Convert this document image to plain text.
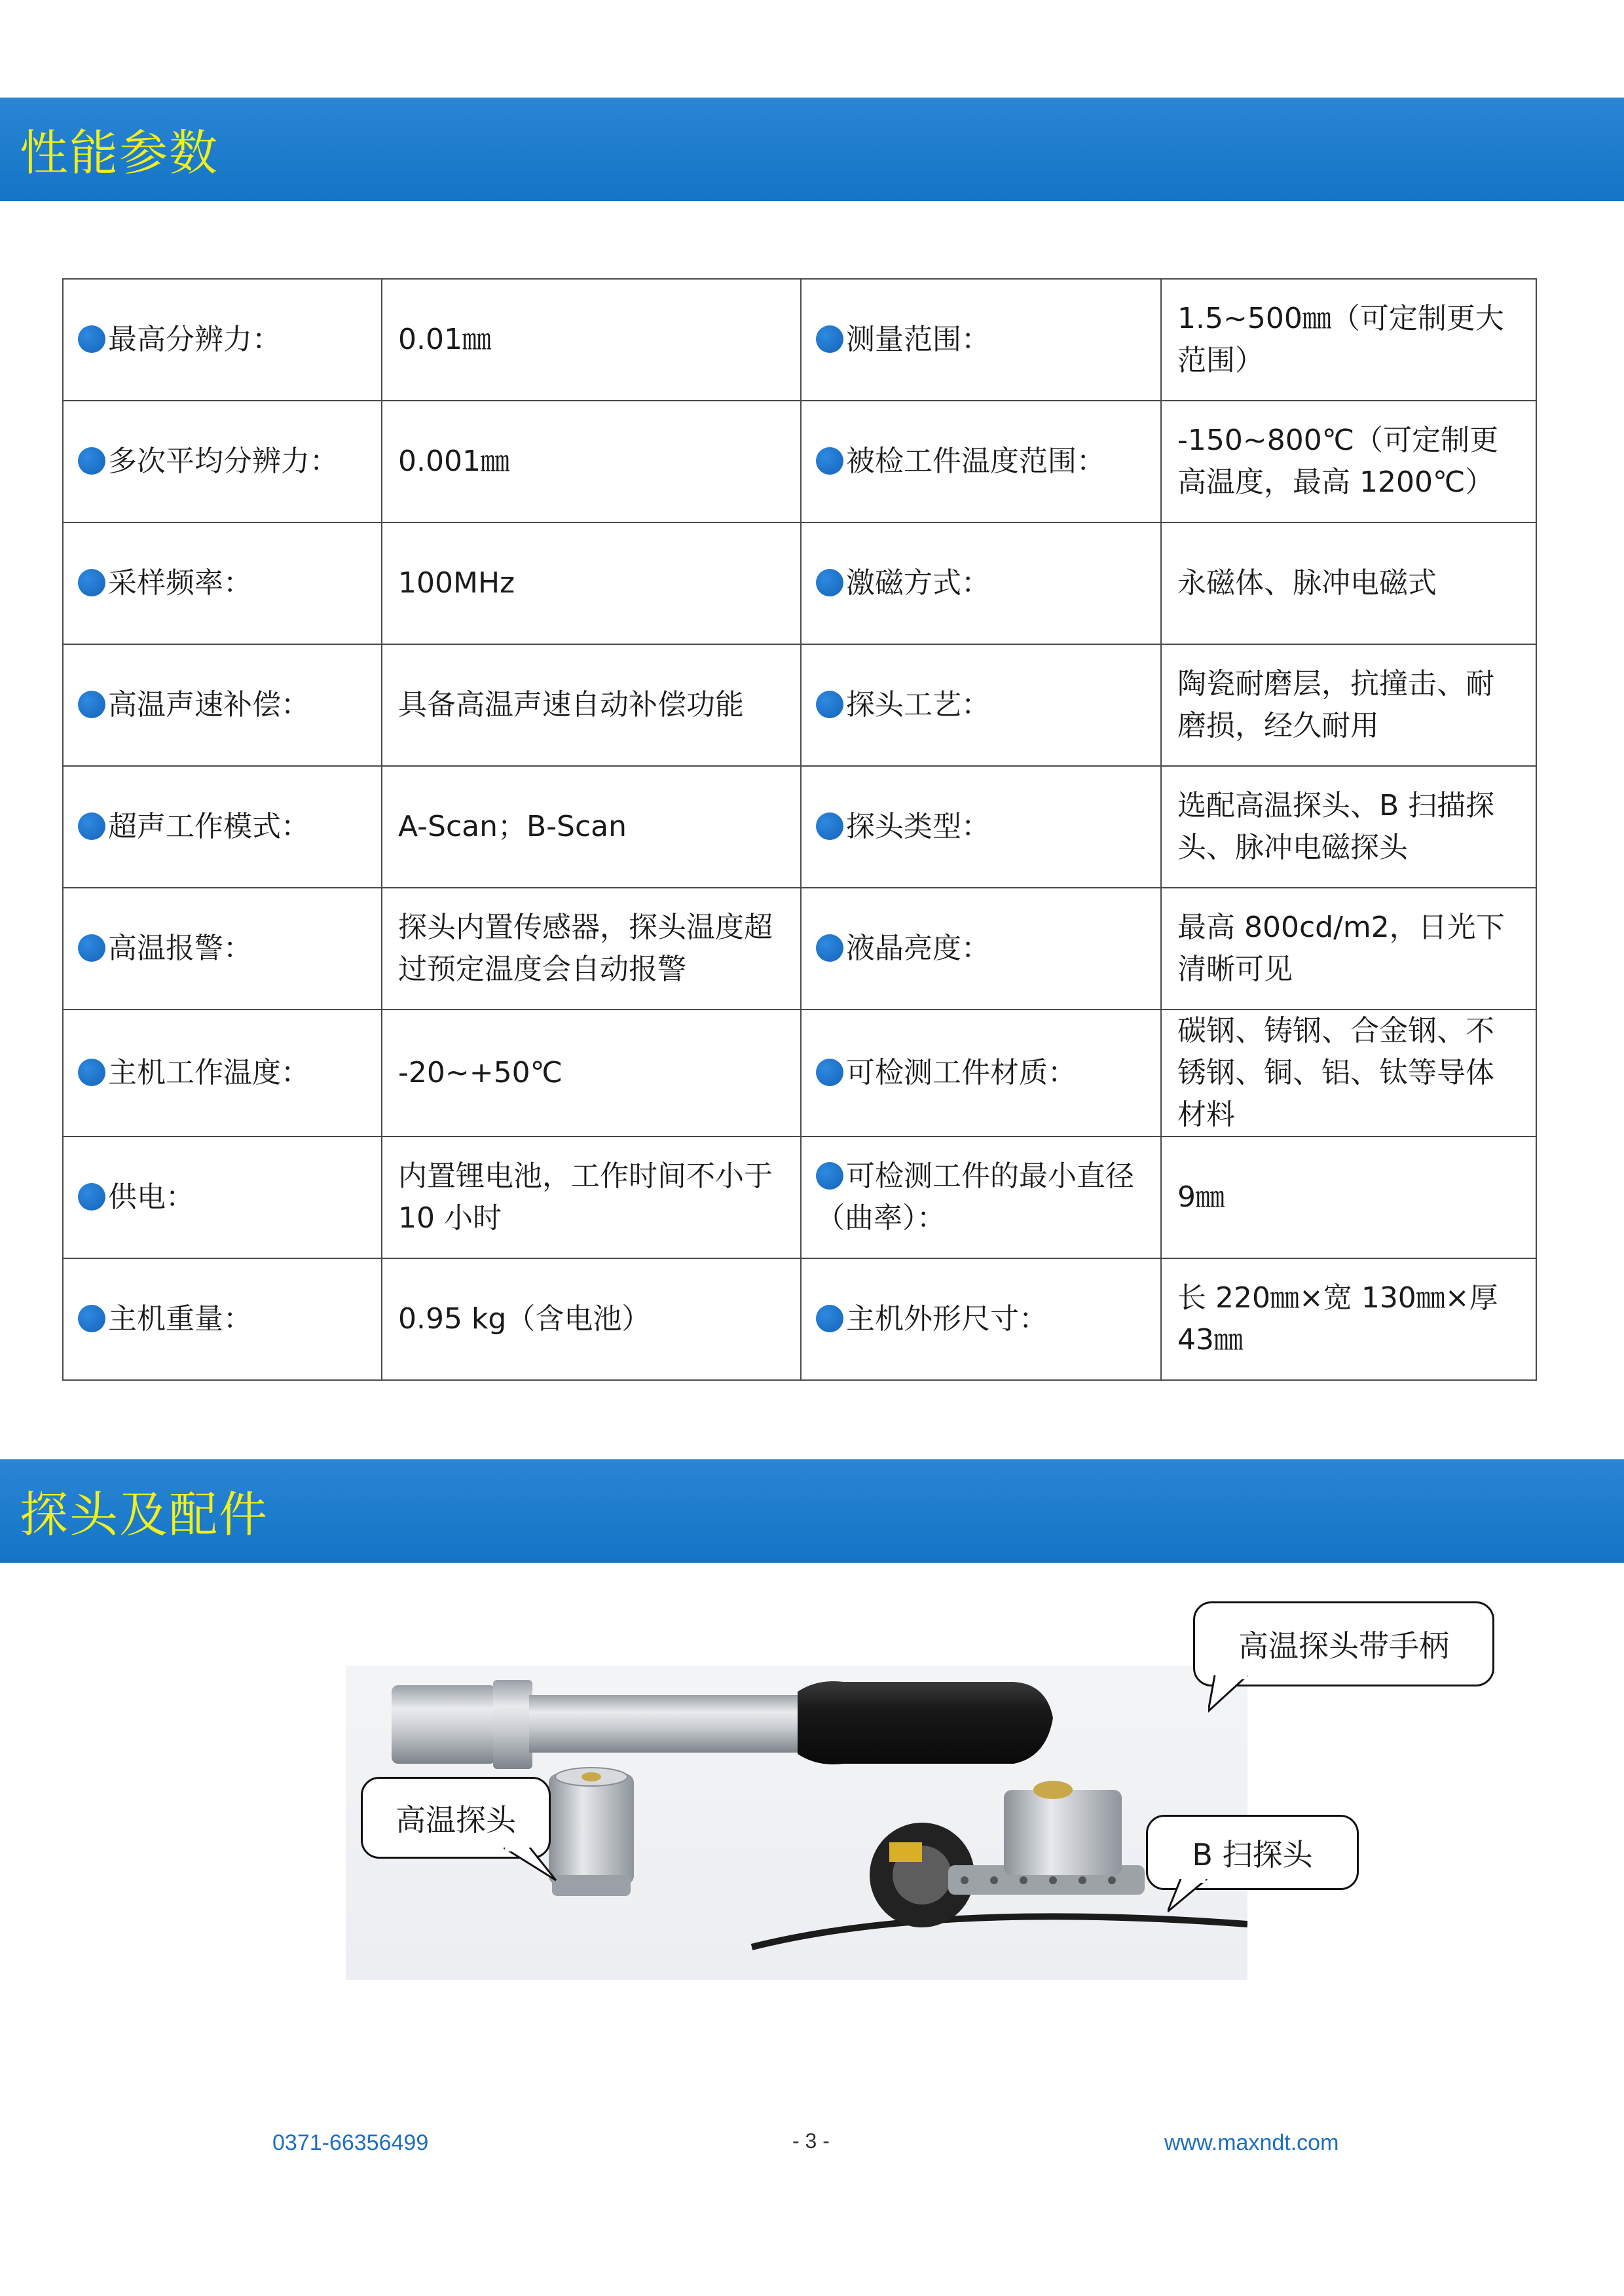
性能参数
最高分辨力：	0.01㎜	测量范围：	1.5~500㎜（可定制更大范围）
多次平均分辨力：	0.001㎜	被检工件温度范围：	-150~800℃（可定制更高温度，最高 1200℃）
采样频率：	100MHz	激磁方式：	永磁体、脉冲电磁式
高温声速补偿：	具备高温声速自动补偿功能	探头工艺：	陶瓷耐磨层，抗撞击、耐磨损，经久耐用
超声工作模式：	A-Scan；B-Scan	探头类型：	选配高温探头、B 扫描探头、脉冲电磁探头
高温报警：	探头内置传感器，探头温度超过预定温度会自动报警	液晶亮度：	最高 800cd/m2，日光下清晰可见
主机工作温度：	-20~+50℃	可检测工件材质：	碳钢、铸钢、合金钢、不锈钢、铜、铝、钛等导体材料
供电：	内置锂电池，工作时间不小于 10 小时	可检测工件的最小直径（曲率）：	9㎜
主机重量：	0.95 kg（含电池）	主机外形尺寸：	长 220㎜×宽 130㎜×厚 43㎜
探头及配件
高温探头带手柄
高温探头
B 扫探头
0371-66356499	- 3 -	www.maxndt.com
